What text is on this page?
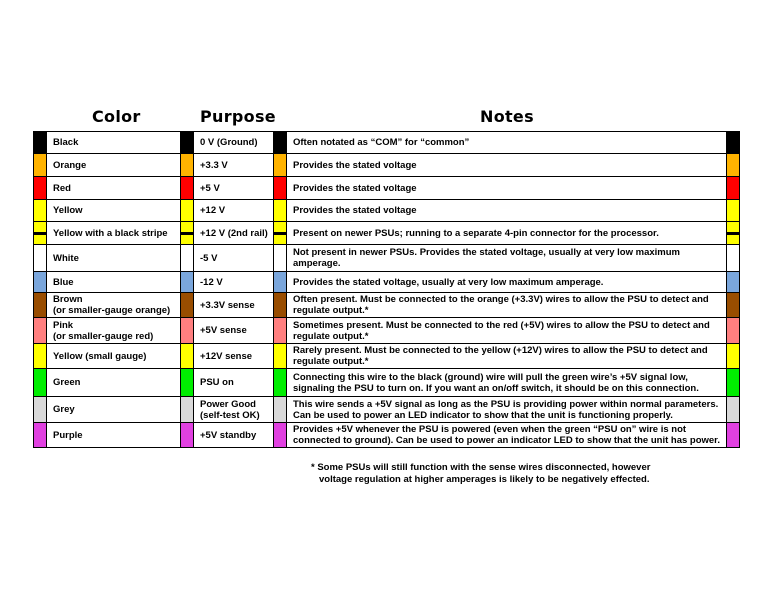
Color	Purpose	Notes
	Black		0 V (Ground)		Often notated as “COM” for “common”	

	Orange		+3.3 V		Provides the stated voltage	

	Red		+5 V		Provides the stated voltage	

	Yellow		+12 V		Provides the stated voltage	

	Yellow with a black stripe		+12 V (2nd rail)		Present on newer PSUs; running to a separate 4-pin connector for the processor.	

	White		-5 V		Not present in newer PSUs. Provides the stated voltage, usually at very low maximum amperage.	

	Blue		-12 V		Provides the stated voltage, usually at very low maximum amperage.	

	Brown
(or smaller-gauge orange)		+3.3V sense		Often present. Must be connected to the orange (+3.3V) wires to allow the PSU to detect and regulate output.*	

	Pink
(or smaller-gauge red)		+5V sense		Sometimes present. Must be connected to the red (+5V) wires to allow the PSU to detect and regulate output.*	

	Yellow (small gauge)		+12V sense		Rarely present. Must be connected to the yellow (+12V) wires to allow the PSU to detect and regulate output.*	

	Green		PSU on		Connecting this wire to the black (ground) wire will pull the green wire’s +5V signal low, signaling the PSU to turn on. If you want an on/off switch, it should be on this connection.	

	Grey		Power Good
(self-test OK)		This wire sends a +5V signal as long as the PSU is providing power within normal parameters. Can be used to power an LED indicator to show that the unit is functioning properly.	

	Purple		+5V standby		Provides +5V whenever the PSU is powered (even when the green “PSU on” wire is not connected to ground). Can be used to power an indicator LED to show that the unit has power.	
* Some PSUs will still function with the sense wires disconnected, however
voltage regulation at higher amperages is likely to be negatively effected.
